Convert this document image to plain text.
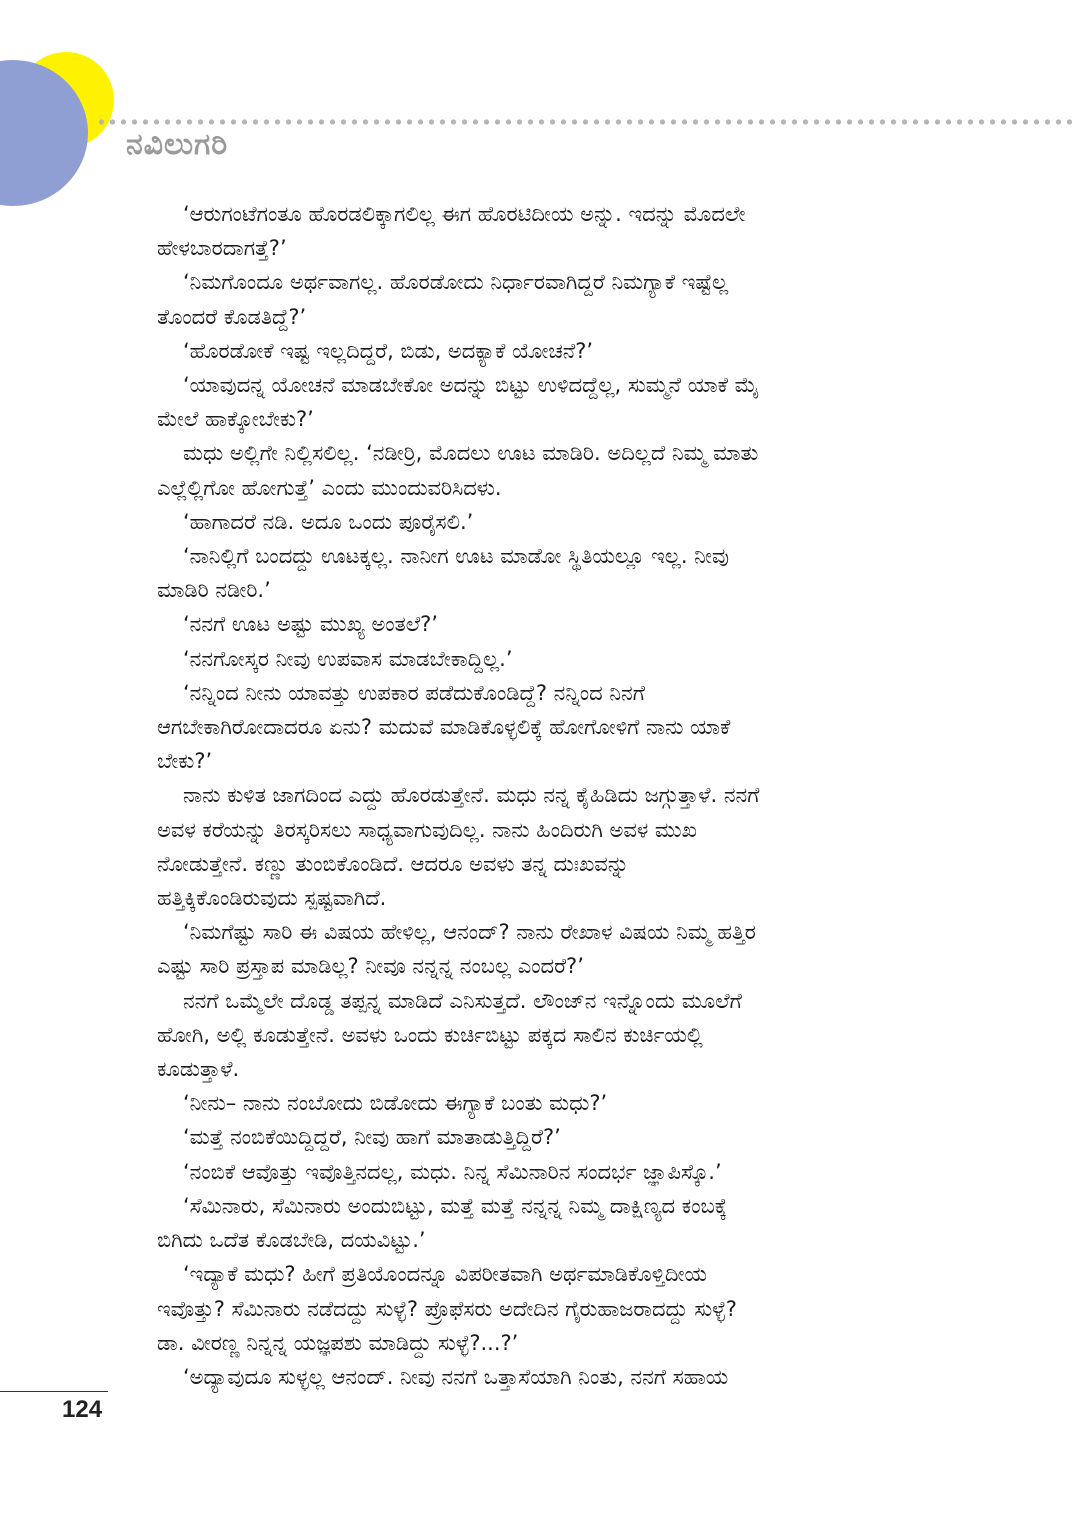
ನವಿಲುಗರಿ

‘ಆರುಗಂಟೆಗಂತೂ ಹೊರಡಲಿಕ್ಕಾಗಲಿಲ್ಲ ಈಗ ಹೊರಟಿದೀಯ ಅನ್ನು. ಇದನ್ನು ಮೊದಲೇ
ಹೇಳಬಾರದಾಗತ್ತೆ?’

‘ನಿಮಗೊಂದೂ ಅರ್ಥವಾಗಲ್ಲ. ಹೊರಡೋದು ನಿರ್ಧಾರವಾಗಿದ್ದರೆ ನಿಮಗ್ಯಾಕೆ ಇಷ್ಟೆಲ್ಲ
ತೊಂದರೆ ಕೊಡತಿದ್ದೆ?’

‘ಹೊರಡೋಕೆ ಇಷ್ಟ ಇಲ್ಲದಿದ್ದರೆ, ಬಿಡು, ಅದಕ್ಯಾಕೆ ಯೋಚನೆ?’

‘ಯಾವುದನ್ನ ಯೋಚನೆ ಮಾಡಬೇಕೋ ಅದನ್ನು ಬಿಟ್ಟು ಉಳಿದದ್ದೆಲ್ಲ, ಸುಮ್ಮನೆ ಯಾಕೆ ಮೈ
ಮೇಲೆ ಹಾಕ್ಕೋಬೇಕು?’

ಮಧು ಅಲ್ಲಿಗೇ ನಿಲ್ಲಿಸಲಿಲ್ಲ. ‘ನಡೀರ್ರಿ, ಮೊದಲು ಊಟ ಮಾಡಿರಿ. ಅದಿಲ್ಲದೆ ನಿಮ್ಮ ಮಾತು
ಎಲ್ಲೆಲ್ಲಿಗೋ ಹೋಗುತ್ತೆ’ ಎಂದು ಮುಂದುವರಿಸಿದಳು.

‘ಹಾಗಾದರೆ ನಡಿ. ಅದೂ ಒಂದು ಪೂರೈಸಲಿ.’

‘ನಾನಿಲ್ಲಿಗೆ ಬಂದದ್ದು ಊಟಕ್ಕಲ್ಲ. ನಾನೀಗ ಊಟ ಮಾಡೋ ಸ್ಥಿತಿಯಲ್ಲೂ ಇಲ್ಲ. ನೀವು
ಮಾಡಿರಿ ನಡೀರಿ.’

‘ನನಗೆ ಊಟ ಅಷ್ಟು ಮುಖ್ಯ ಅಂತಲೆ?’

‘ನನಗೋಸ್ಕರ ನೀವು ಉಪವಾಸ ಮಾಡಬೇಕಾದ್ದಿಲ್ಲ.’

‘ನನ್ನಿಂದ ನೀನು ಯಾವತ್ತು ಉಪಕಾರ ಪಡೆದುಕೊಂಡಿದ್ದೆ? ನನ್ನಿಂದ ನಿನಗೆ
ಆಗಬೇಕಾಗಿರೋದಾದರೂ ಏನು? ಮದುವೆ ಮಾಡಿಕೊಳ್ಳಲಿಕ್ಕೆ ಹೋಗೋಳಿಗೆ ನಾನು ಯಾಕೆ
ಬೇಕು?’

ನಾನು ಕುಳಿತ ಜಾಗದಿಂದ ಎದ್ದು ಹೊರಡುತ್ತೇನೆ. ಮಧು ನನ್ನ ಕೈಹಿಡಿದು ಜಗ್ಗುತ್ತಾಳೆ. ನನಗೆ
ಅವಳ ಕರೆಯನ್ನು ತಿರಸ್ಕರಿಸಲು ಸಾಧ್ಯವಾಗುವುದಿಲ್ಲ. ನಾನು ಹಿಂದಿರುಗಿ ಅವಳ ಮುಖ
ನೋಡುತ್ತೇನೆ. ಕಣ್ಣು ತುಂಬಿಕೊಂಡಿದೆ. ಆದರೂ ಅವಳು ತನ್ನ ದುಃಖವನ್ನು
ಹತ್ತಿಕ್ಕಿಕೊಂಡಿರುವುದು ಸ್ಪಷ್ಟವಾಗಿದೆ.

‘ನಿಮಗೆಷ್ಟು ಸಾರಿ ಈ ವಿಷಯ ಹೇಳಿಲ್ಲ, ಆನಂದ್? ನಾನು ರೇಖಾಳ ವಿಷಯ ನಿಮ್ಮ ಹತ್ತಿರ
ಎಷ್ಟು ಸಾರಿ ಪ್ರಸ್ತಾಪ ಮಾಡಿಲ್ಲ? ನೀವೂ ನನ್ನನ್ನ ನಂಬಲ್ಲ ಎಂದರೆ?’

ನನಗೆ ಒಮ್ಮೆಲೇ ದೊಡ್ಡ ತಪ್ಪನ್ನ ಮಾಡಿದೆ ಎನಿಸುತ್ತದೆ. ಲೌಂಜ್‌ನ ಇನ್ನೊಂದು ಮೂಲೆಗೆ
ಹೋಗಿ, ಅಲ್ಲಿ ಕೂಡುತ್ತೇನೆ. ಅವಳು ಒಂದು ಕುರ್ಚಿಬಿಟ್ಟು ಪಕ್ಕದ ಸಾಲಿನ ಕುರ್ಚಿಯಲ್ಲಿ
ಕೂಡುತ್ತಾಳೆ.

‘ನೀನು– ನಾನು ನಂಬೋದು ಬಿಡೋದು ಈಗ್ಯಾಕೆ ಬಂತು ಮಧು?’

‘ಮತ್ತೆ ನಂಬಿಕೆಯಿದ್ದಿದ್ದರೆ, ನೀವು ಹಾಗೆ ಮಾತಾಡುತ್ತಿದ್ದಿರೆ?’

‘ನಂಬಿಕೆ ಆವೊತ್ತು ಇವೊತ್ತಿನದಲ್ಲ, ಮಧು. ನಿನ್ನ ಸೆಮಿನಾರಿನ ಸಂದರ್ಭ ಜ್ಞಾಪಿಸ್ಕೊ.’

‘ಸೆಮಿನಾರು, ಸೆಮಿನಾರು ಅಂದುಬಿಟ್ಟು, ಮತ್ತೆ ಮತ್ತೆ ನನ್ನನ್ನ ನಿಮ್ಮ ದಾಕ್ಷಿಣ್ಯದ ಕಂಬಕ್ಕೆ
ಬಿಗಿದು ಒದೆತ ಕೊಡಬೇಡಿ, ದಯವಿಟ್ಟು.’

‘ಇದ್ಯಾಕೆ ಮಧು? ಹೀಗೆ ಪ್ರತಿಯೊಂದನ್ನೂ ವಿಪರೀತವಾಗಿ ಅರ್ಥಮಾಡಿಕೊಳ್ತಿದೀಯ
ಇವೊತ್ತು? ಸೆಮಿನಾರು ನಡೆದದ್ದು ಸುಳ್ಳೆ? ಪ್ರೊಫೆಸರು ಅದೇದಿನ ಗೈರುಹಾಜರಾದದ್ದು ಸುಳ್ಳೆ?
ಡಾ. ವೀರಣ್ಣ ನಿನ್ನನ್ನ ಯಜ್ಞಪಶು ಮಾಡಿದ್ದು ಸುಳ್ಳೆ?...?’

‘ಅದ್ಯಾವುದೂ ಸುಳ್ಳಲ್ಲ ಆನಂದ್. ನೀವು ನನಗೆ ಒತ್ತಾಸೆಯಾಗಿ ನಿಂತು, ನನಗೆ ಸಹಾಯ

124
